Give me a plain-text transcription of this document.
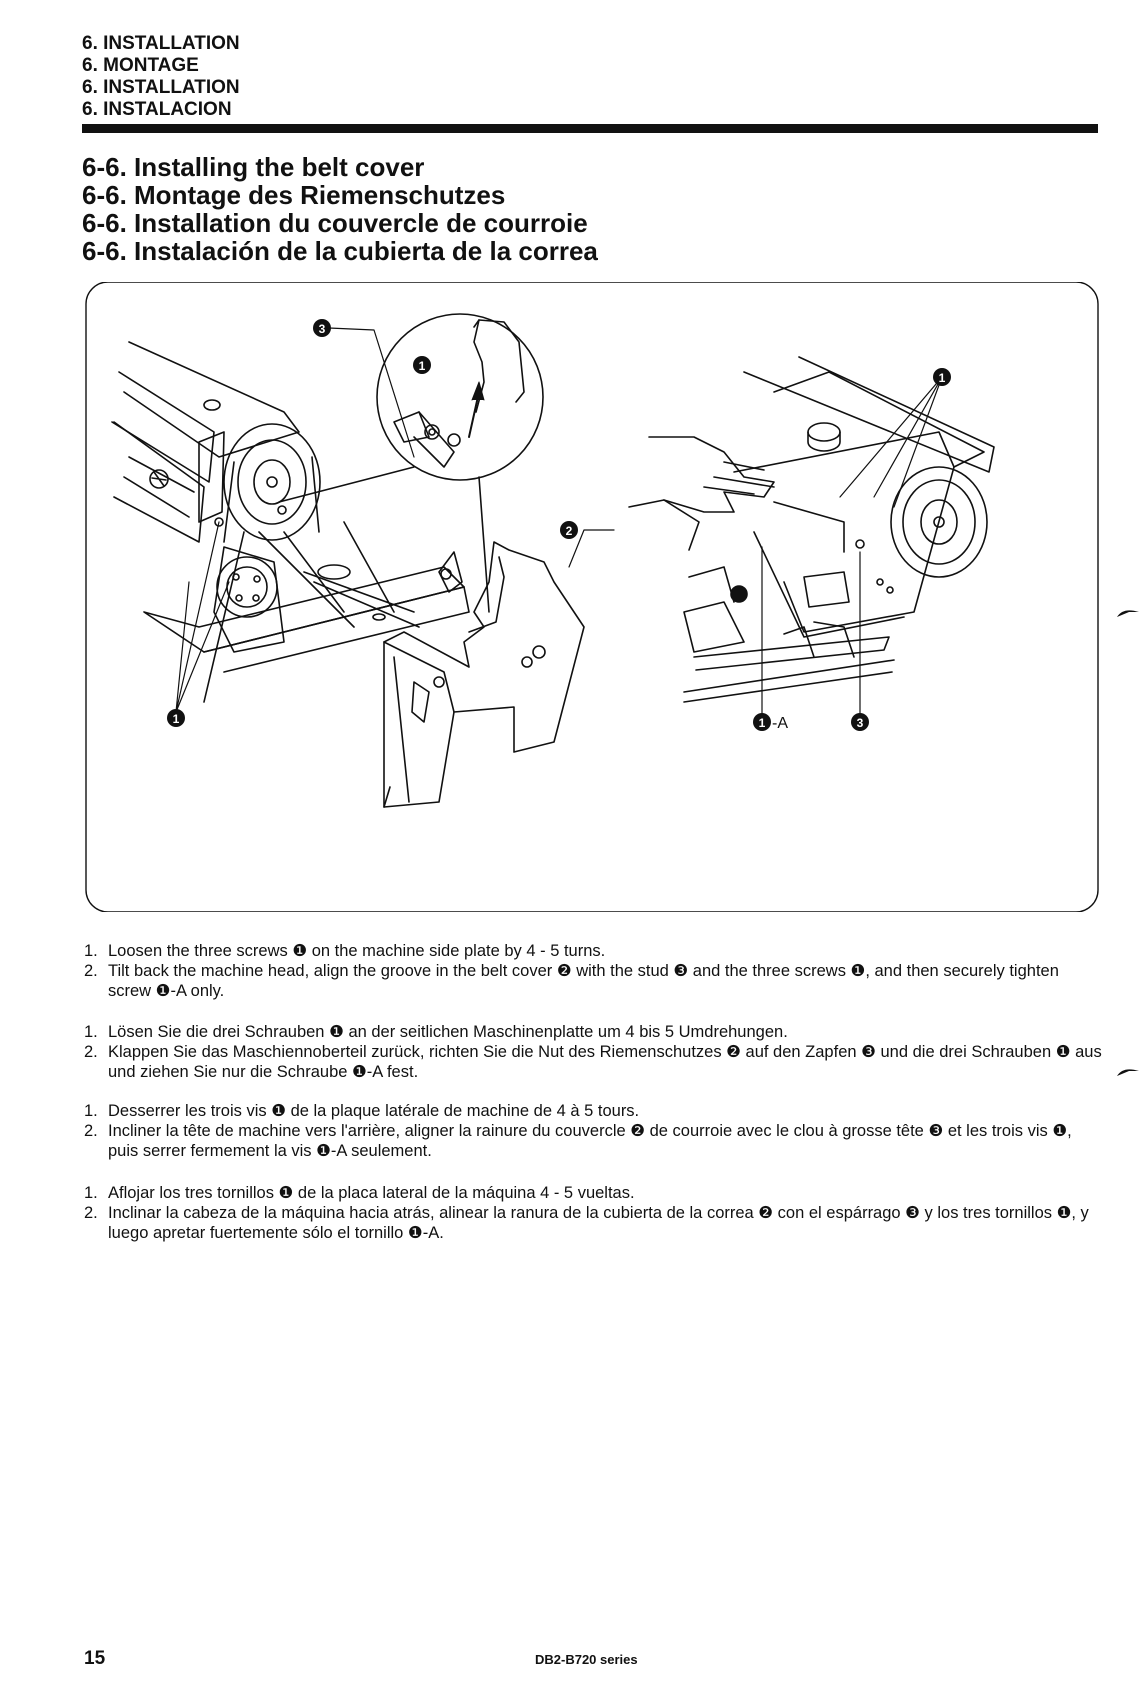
6. INSTALLATION
6. MONTAGE
6. INSTALLATION
6. INSTALACION
6-6. Installing the belt cover
6-6. Montage des Riemenschutzes
6-6. Installation du couvercle de courroie
6-6. Instalación de la cubierta de la correa
3
1
2
1
1
1 -A	3
1. Loosen the three screws ❶ on the machine side plate by 4 - 5 turns.
2. Tilt back the machine head, align the groove in the belt cover ❷ with the stud ❸ and the three screws ❶, and then securely tighten screw ❶-A only.
1. Lösen Sie die drei Schrauben ❶ an der seitlichen Maschinenplatte um 4 bis 5 Umdrehungen.
2. Klappen Sie das Maschiennoberteil zurück, richten Sie die Nut des Riemenschutzes ❷ auf den Zapfen ❸ und die drei Schrauben ❶ aus und ziehen Sie nur die Schraube ❶-A fest.
1. Desserrer les trois vis ❶ de la plaque latérale de machine de 4 à 5 tours.
2. Incliner la tête de machine vers l'arrière, aligner la rainure du couvercle ❷ de courroie avec le clou à grosse tête ❸ et les trois vis ❶, puis serrer fermement la vis ❶-A seulement.
1. Aflojar los tres tornillos ❶ de la placa lateral de la máquina 4 - 5 vueltas.
2. Inclinar la cabeza de la máquina hacia atrás, alinear la ranura de la cubierta de la correa ❷ con el espárrago ❸ y los tres tornillos ❶, y luego apretar fuertemente sólo el tornillo ❶-A.
15	DB2-B720 series
